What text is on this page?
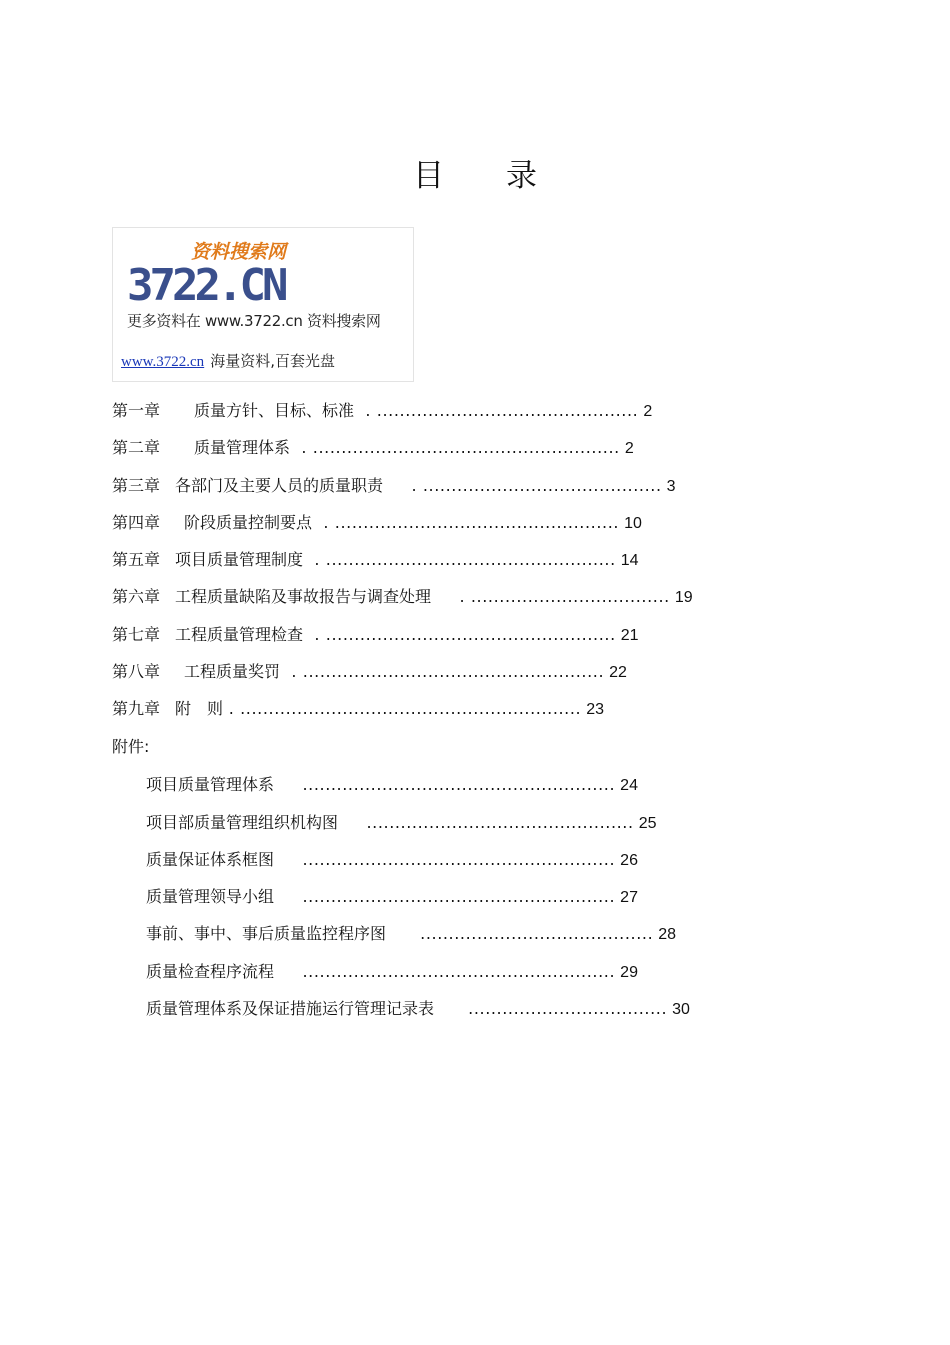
目 录
资料搜索网
3722.CN
更多资料在 www.3722.cn 资料搜索网
www.3722.cn 海量资料,百套光盘
第一章 质量方针、目标、标准  . .............................................. 2
第二章 质量管理体系  . ...................................................... 2
第三章 各部门及主要人员的质量职责     . .......................................... 3
第四章 阶段质量控制要点  . .................................................. 10
第五章 项目质量管理制度  . ................................................... 14
第六章 工程质量缺陷及事故报告与调查处理     . ................................... 19
第七章 工程质量管理检查  . ................................................... 21
第八章 工程质量奖罚  . ..................................................... 22
第九章 附　则 . ............................................................ 23
附件:
项目质量管理体系     ....................................................... 24
项目部质量管理组织机构图     ............................................... 25
质量保证体系框图     ....................................................... 26
质量管理领导小组     ....................................................... 27
事前、事中、事后质量监控程序图      ......................................... 28
质量检查程序流程     ....................................................... 29
质量管理体系及保证措施运行管理记录表      ................................... 30
